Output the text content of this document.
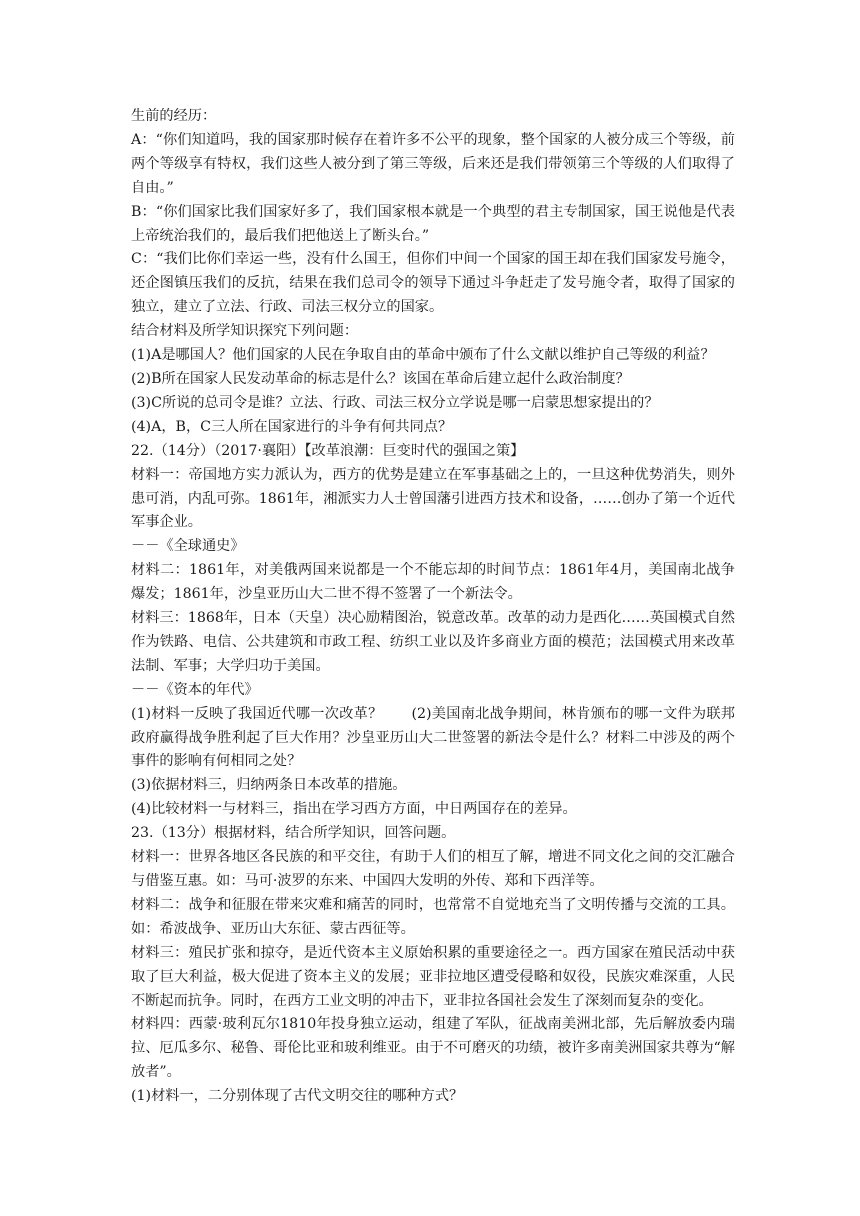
生前的经历：

A：“你们知道吗，我的国家那时候存在着许多不公平的现象，整个国家的人被分成三个等级，前两个等级享有特权，我们这些人被分到了第三等级，后来还是我们带领第三个等级的人们取得了自由。”

B：“你们国家比我们国家好多了，我们国家根本就是一个典型的君主专制国家，国王说他是代表上帝统治我们的，最后我们把他送上了断头台。”

C：“我们比你们幸运一些，没有什么国王，但你们中间一个国家的国王却在我们国家发号施令，还企图镇压我们的反抗，结果在我们总司令的领导下通过斗争赶走了发号施令者，取得了国家的独立，建立了立法、行政、司法三权分立的国家。

结合材料及所学知识探究下列问题：

(1)A是哪国人？他们国家的人民在争取自由的革命中颁布了什么文献以维护自己等级的利益？

(2)B所在国家人民发动革命的标志是什么？该国在革命后建立起什么政治制度？

(3)C所说的总司令是谁？立法、行政、司法三权分立学说是哪一启蒙思想家提出的？

(4)A，B，C三人所在国家进行的斗争有何共同点？

22.（14分）（2017·襄阳）【改革浪潮：巨变时代的强国之策】

材料一：帝国地方实力派认为，西方的优势是建立在军事基础之上的，一旦这种优势消失，则外患可消，内乱可弥。1861年，湘派实力人士曾国藩引进西方技术和设备，……创办了第一个近代军事企业。

－－《全球通史》

材料二：1861年，对美俄两国来说都是一个不能忘却的时间节点：1861年4月，美国南北战争爆发；1861年，沙皇亚历山大二世不得不签署了一个新法令。

材料三：1868年，日本（天皇）决心励精图治，锐意改革。改革的动力是西化……英国模式自然作为铁路、电信、公共建筑和市政工程、纺织工业以及许多商业方面的模范；法国模式用来改革法制、军事；大学归功于美国。

－－《资本的年代》

(1)材料一反映了我国近代哪一次改革？　　(2)美国南北战争期间，林肯颁布的哪一文件为联邦政府赢得战争胜利起了巨大作用？沙皇亚历山大二世签署的新法令是什么？材料二中涉及的两个事件的影响有何相同之处？

(3)依据材料三，归纳两条日本改革的措施。

(4)比较材料一与材料三，指出在学习西方方面，中日两国存在的差异。

23.（13分）根据材料，结合所学知识，回答问题。

材料一：世界各地区各民族的和平交往，有助于人们的相互了解，增进不同文化之间的交汇融合与借鉴互惠。如：马可·波罗的东来、中国四大发明的外传、郑和下西洋等。

材料二：战争和征服在带来灾难和痛苦的同时，也常常不自觉地充当了文明传播与交流的工具。如：希波战争、亚历山大东征、蒙古西征等。

材料三：殖民扩张和掠夺，是近代资本主义原始积累的重要途径之一。西方国家在殖民活动中获取了巨大利益，极大促进了资本主义的发展；亚非拉地区遭受侵略和奴役，民族灾难深重，人民不断起而抗争。同时，在西方工业文明的冲击下，亚非拉各国社会发生了深刻而复杂的变化。

材料四：西蒙·玻利瓦尔1810年投身独立运动，组建了军队，征战南美洲北部，先后解放委内瑞拉、厄瓜多尔、秘鲁、哥伦比亚和玻利维亚。由于不可磨灭的功绩，被许多南美洲国家共尊为“解放者”。

(1)材料一，二分别体现了古代文明交往的哪种方式？
